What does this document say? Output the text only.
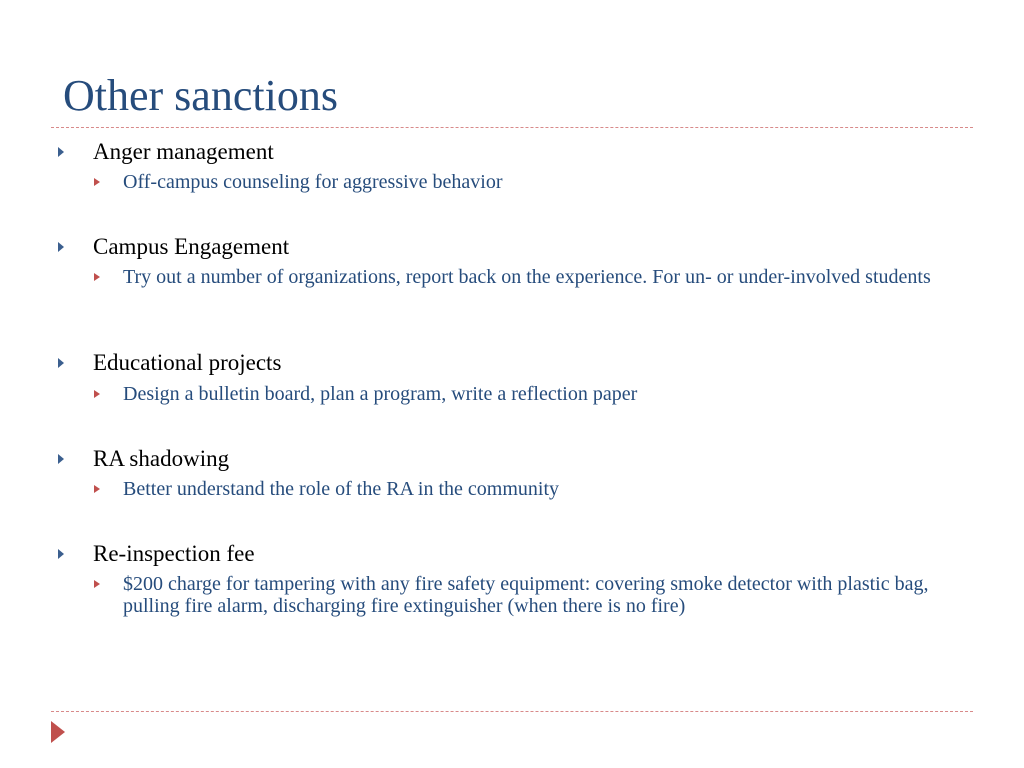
Other sanctions
Anger management
Off-campus counseling for aggressive behavior
Campus Engagement
Try out a number of organizations, report back on the experience. For un- or under-involved students
Educational projects
Design a bulletin board, plan a program, write a reflection paper
RA shadowing
Better understand the role of the RA in the community
Re-inspection fee
$200 charge for tampering with any fire safety equipment: covering smoke detector with plastic bag, pulling fire alarm, discharging fire extinguisher (when there is no fire)
